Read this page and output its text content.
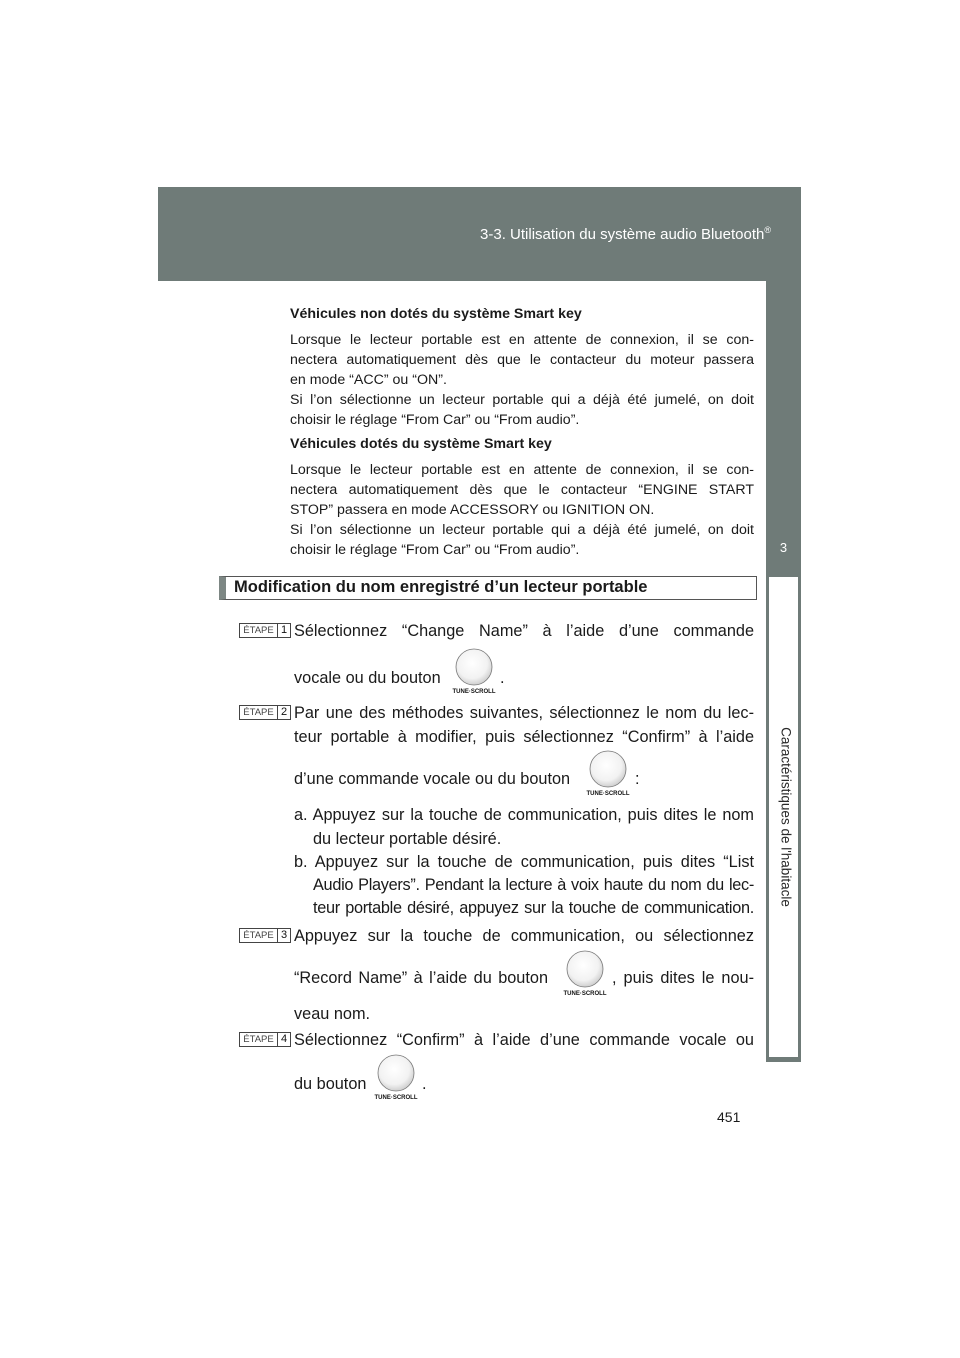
3-3. Utilisation du système audio Bluetooth®
3
Caractéristiques de l'habitacle
Véhicules non dotés du système Smart key
Lorsque le lecteur portable est en attente de connexion, il se con-
nectera automatiquement dès que le contacteur du moteur passera
en mode “ACC” ou “ON”.
Si l’on sélectionne un lecteur portable qui a déjà été jumelé, on doit
choisir le réglage “From Car” ou “From audio”.
Véhicules dotés du système Smart key
Lorsque le lecteur portable est en attente de connexion, il se con-
nectera automatiquement dès que le contacteur “ENGINE START
STOP” passera en mode ACCESSORY ou IGNITION ON.
Si l’on sélectionne un lecteur portable qui a déjà été jumelé, on doit
choisir le réglage “From Car” ou “From audio”.
Modification du nom enregistré d’un lecteur portable
ÉTAPE 1 Sélectionnez “Change Name” à l’aide d’une commande
vocale ou du bouton
TUNE·SCROLL
.
ÉTAPE 2 Par une des méthodes suivantes, sélectionnez le nom du lec-
teur portable à modifier, puis sélectionnez “Confirm” à l’aide
d’une commande vocale ou du bouton
TUNE·SCROLL
:
a. Appuyez sur la touche de communication, puis dites le nom
du lecteur portable désiré.
b. Appuyez sur la touche de communication, puis dites “List
Audio Players”. Pendant la lecture à voix haute du nom du lec-
teur portable désiré, appuyez sur la touche de communication.
ÉTAPE 3 Appuyez sur la touche de communication, ou sélectionnez
“Record Name” à l’aide du bouton
TUNE·SCROLL
, puis dites le nou-
veau nom.
ÉTAPE 4 Sélectionnez “Confirm” à l’aide d’une commande vocale ou
du bouton
TUNE·SCROLL
.
451
